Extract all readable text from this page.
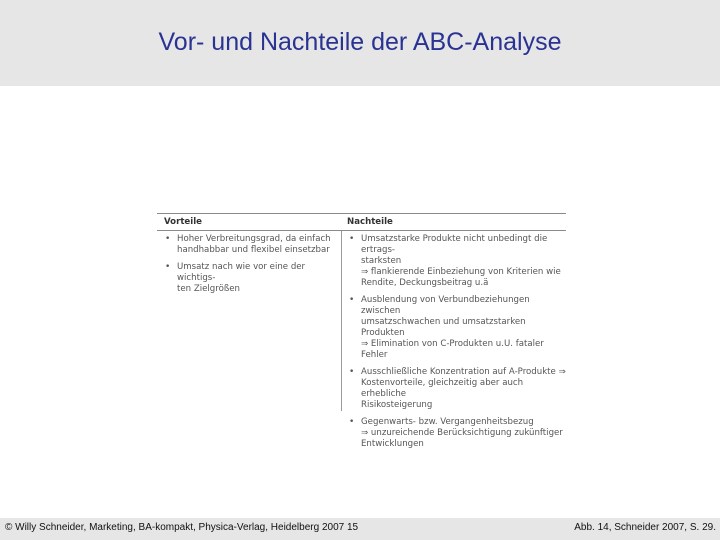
Vor- und Nachteile der ABC-Analyse
Vorteile	Nachteile
• Hoher Verbreitungsgrad, da einfach
handhabbar und flexibel einsetzbar
• Umsatz nach wie vor eine der wichtigs-
ten Zielgrößen
• Umsatzstarke Produkte nicht unbedingt die ertrags-
starksten
⇒ flankierende Einbeziehung von Kriterien wie
Rendite, Deckungsbeitrag u.ä
• Ausblendung von Verbundbeziehungen zwischen
umsatzschwachen und umsatzstarken Produkten
⇒ Elimination von C-Produkten u.U. fataler Fehler
• Ausschließliche Konzentration auf A-Produkte ⇒
Kostenvorteile, gleichzeitig aber auch erhebliche
Risikosteigerung
• Gegenwarts- bzw. Vergangenheitsbezug
⇒ unzureichende Berücksichtigung zukünftiger
Entwicklungen
© Willy Schneider, Marketing, BA-kompakt, Physica-Verlag, Heidelberg 2007 15	Abb. 14, Schneider 2007, S. 29.
